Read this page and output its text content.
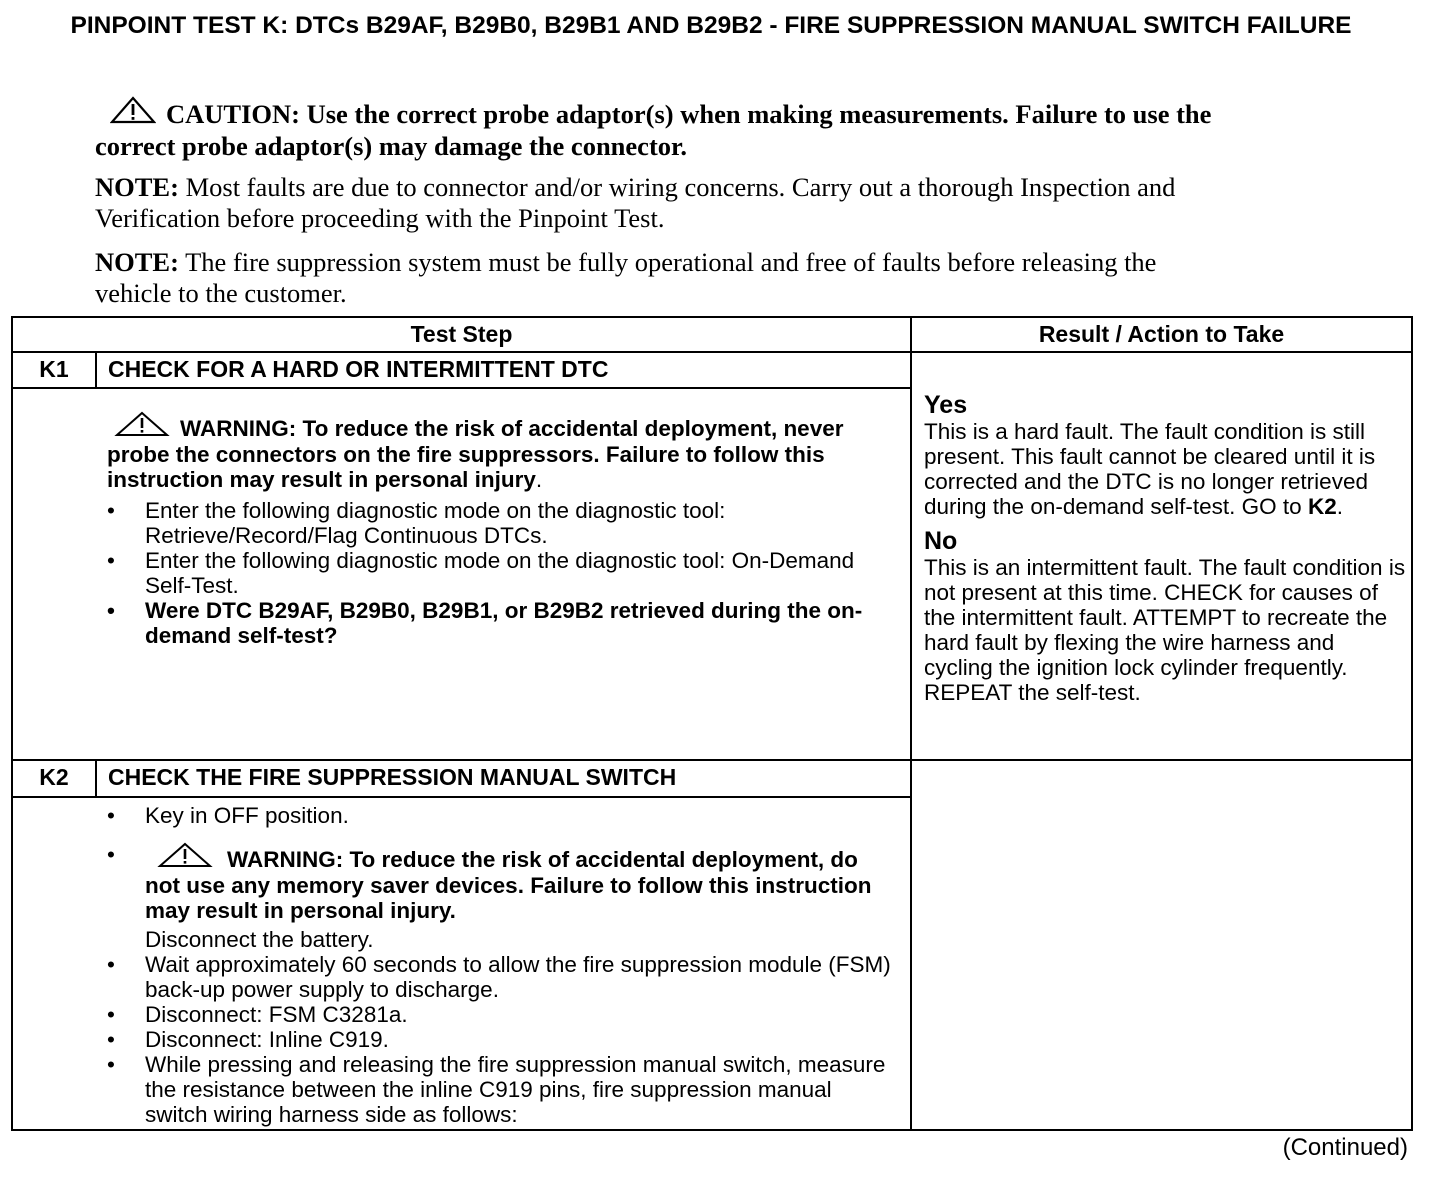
PINPOINT TEST K: DTCs B29AF, B29B0, B29B1 AND B29B2 - FIRE SUPPRESSION MANUAL SWITCH FAILURE
CAUTION: Use the correct probe adaptor(s) when making measurements. Failure to use the correct probe adaptor(s) may damage the connector.
NOTE: Most faults are due to connector and/or wiring concerns. Carry out a thorough Inspection and Verification before proceeding with the Pinpoint Test.
NOTE: The fire suppression system must be fully operational and free of faults before releasing the vehicle to the customer.
Test Step	Result / Action to Take
K1	CHECK FOR A HARD OR INTERMITTENT DTC
WARNING: To reduce the risk of accidental deployment, never probe the connectors on the fire suppressors. Failure to follow this instruction may result in personal injury.
•	Enter the following diagnostic mode on the diagnostic tool: Retrieve/Record/Flag Continuous DTCs.
•	Enter the following diagnostic mode on the diagnostic tool: On-Demand Self-Test.
•	Were DTC B29AF, B29B0, B29B1, or B29B2 retrieved during the on-demand self-test?
Yes
This is a hard fault. The fault condition is still present. This fault cannot be cleared until it is corrected and the DTC is no longer retrieved during the on-demand self-test. GO to K2.
No
This is an intermittent fault. The fault condition is not present at this time. CHECK for causes of the intermittent fault. ATTEMPT to recreate the hard fault by flexing the wire harness and cycling the ignition lock cylinder frequently. REPEAT the self-test.
K2	CHECK THE FIRE SUPPRESSION MANUAL SWITCH
•	Key in OFF position.
•	WARNING: To reduce the risk of accidental deployment, do not use any memory saver devices. Failure to follow this instruction may result in personal injury.
Disconnect the battery.
•	Wait approximately 60 seconds to allow the fire suppression module (FSM) back-up power supply to discharge.
•	Disconnect: FSM C3281a.
•	Disconnect: Inline C919.
•	While pressing and releasing the fire suppression manual switch, measure the resistance between the inline C919 pins, fire suppression manual switch wiring harness side as follows:
(Continued)
